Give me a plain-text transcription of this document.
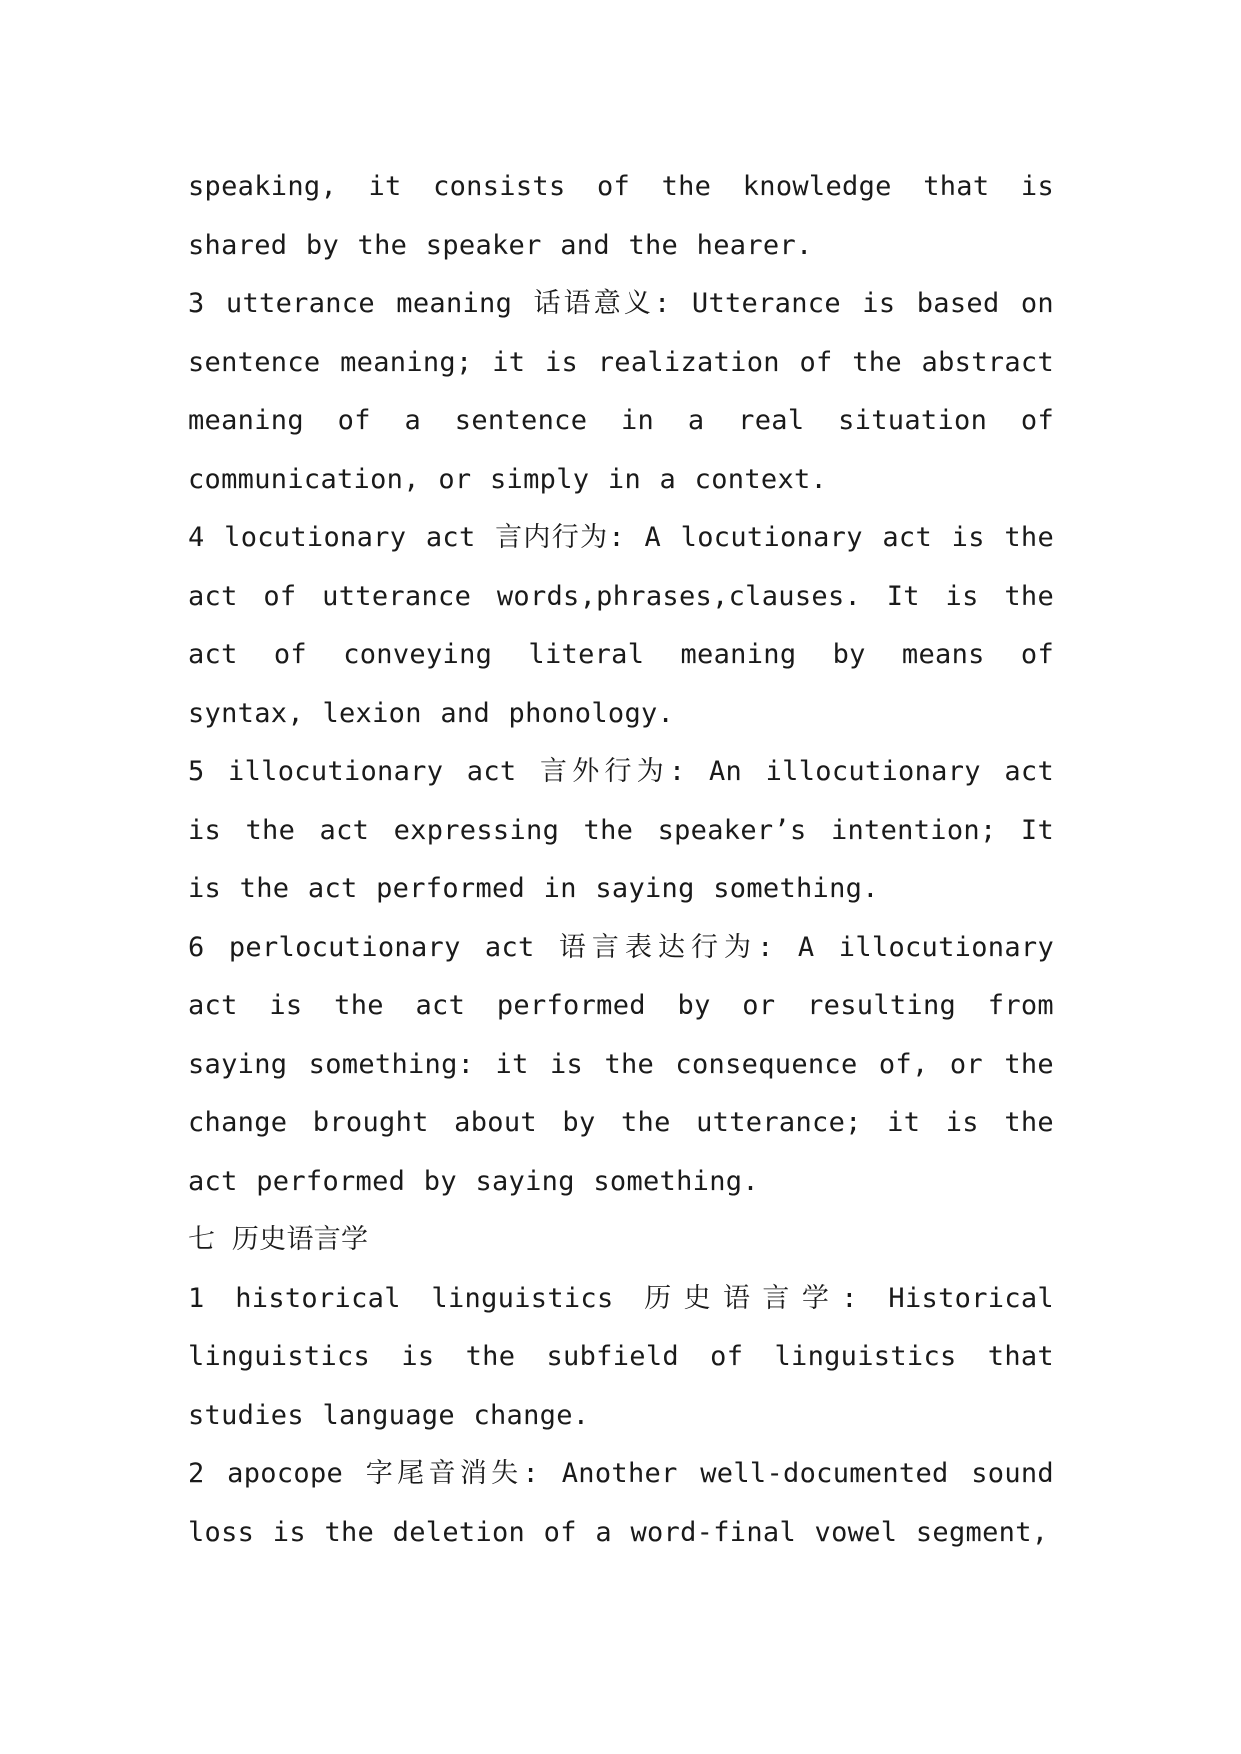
speaking, it consists of the knowledge that is shared by the speaker and the hearer.

3 utterance meaning 话语意义: Utterance is based on sentence meaning; it is realization of the abstract meaning of a sentence in a real situation of communication, or simply in a context.

4 locutionary act 言内行为: A locutionary act is the act of utterance words,phrases,clauses. It is the act of conveying literal meaning by means of syntax, lexion and phonology.

5 illocutionary act 言外行为: An illocutionary act is the act expressing the speaker’s intention; It is the act performed in saying something.

6 perlocutionary act 语言表达行为: A illocutionary act is the act performed by or resulting from saying something: it is the consequence of, or the change brought about by the utterance; it is the act performed by saying something.

七 历史语言学

1 historical linguistics 历史语言学: Historical linguistics is the subfield of linguistics that studies language change.

2 apocope 字尾音消失: Another well-documented sound loss is the deletion of a word-final vowel segment,
